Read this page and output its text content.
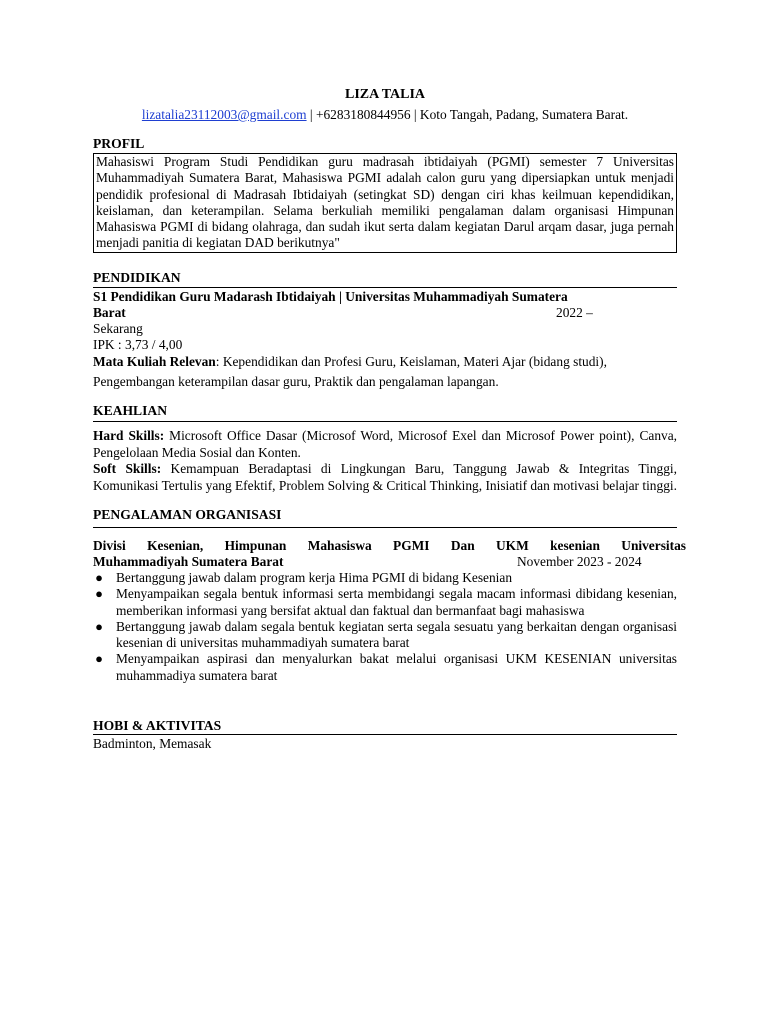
LIZA TALIA
lizatalia23112003@gmail.com | +6283180844956 | Koto Tangah, Padang, Sumatera Barat.
PROFIL
Mahasiswi Program Studi Pendidikan guru madrasah ibtidaiyah (PGMI) semester 7 Universitas Muhammadiyah Sumatera Barat, Mahasiswa PGMI adalah calon guru yang dipersiapkan untuk menjadi pendidik profesional di Madrasah Ibtidaiyah (setingkat SD) dengan ciri khas keilmuan kependidikan, keislaman, dan keterampilan. Selama berkuliah memiliki pengalaman dalam organisasi Himpunan Mahasiswa PGMI di bidang olahraga, dan sudah ikut serta dalam kegiatan Darul arqam dasar, juga pernah menjadi panitia di kegiatan DAD berikutnya"
PENDIDIKAN
S1 Pendidikan Guru Madarash Ibtidaiyah | Universitas Muhammadiyah Sumatera
Barat	2022 –
Sekarang
IPK : 3,73 / 4,00
Mata Kuliah Relevan: Kependidikan dan Profesi Guru, Keislaman, Materi Ajar (bidang studi), Pengembangan keterampilan dasar guru, Praktik dan pengalaman lapangan.
KEAHLIAN
Hard Skills: Microsoft Office Dasar (Microsof Word, Microsof Exel dan Microsof Power point), Canva, Pengelolaan Media Sosial dan Konten.
Soft Skills: Kemampuan Beradaptasi di Lingkungan Baru, Tanggung Jawab & Integritas Tinggi, Komunikasi Tertulis yang Efektif, Problem Solving & Critical Thinking, Inisiatif dan motivasi belajar tinggi.
PENGALAMAN ORGANISASI
Divisi Kesenian, Himpunan Mahasiswa PGMI Dan UKM kesenian Universitas
Muhammadiyah Sumatera Barat	November 2023 - 2024
● Bertanggung jawab dalam program kerja Hima PGMI di bidang Kesenian
● Menyampaikan segala bentuk informasi serta membidangi segala macam informasi dibidang kesenian, memberikan informasi yang bersifat aktual dan faktual dan bermanfaat bagi mahasiswa
● Bertanggung jawab dalam segala bentuk kegiatan serta segala sesuatu yang berkaitan dengan organisasi kesenian di universitas muhammadiyah sumatera barat
● Menyampaikan aspirasi dan menyalurkan bakat melalui organisasi UKM KESENIAN universitas muhammadiya sumatera barat
HOBI & AKTIVITAS
Badminton, Memasak
